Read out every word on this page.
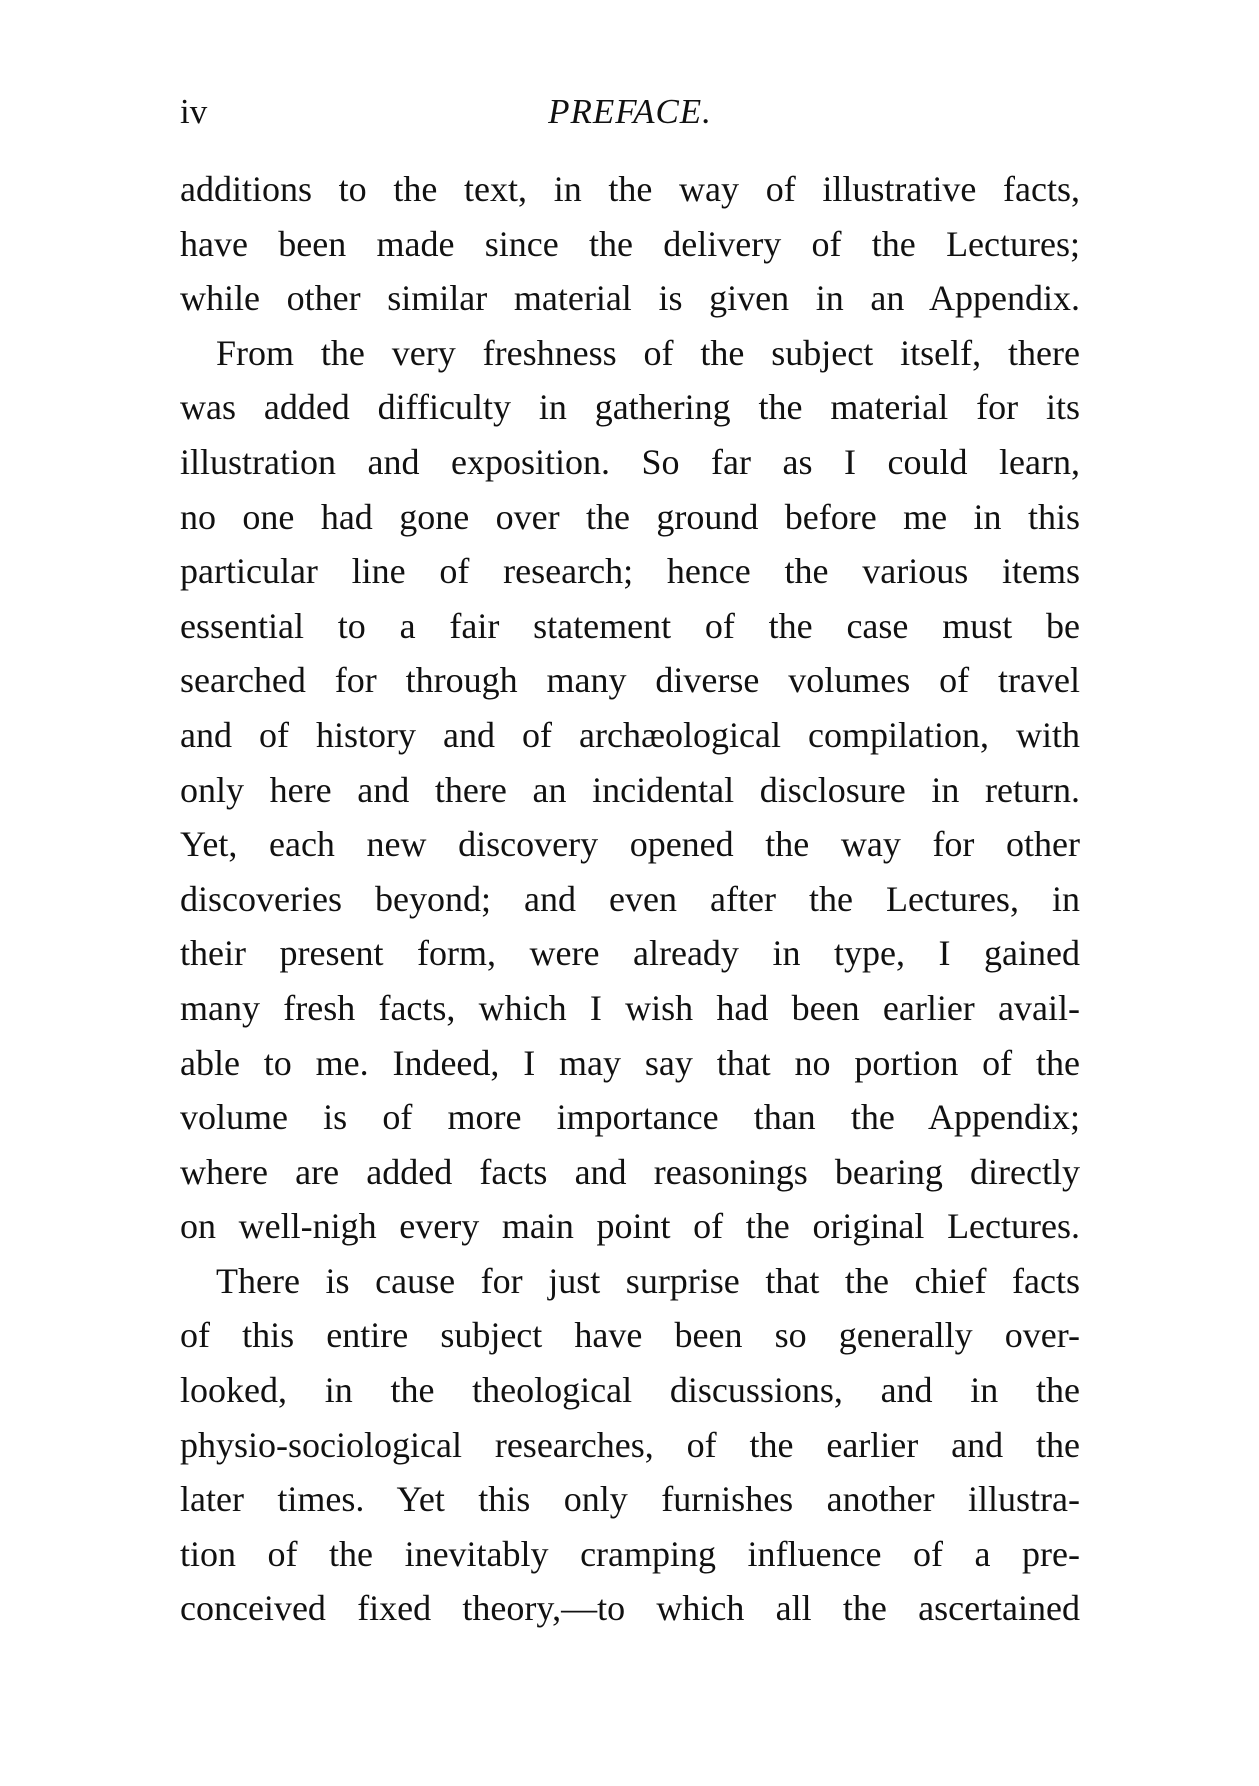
iv	PREFACE.
additions to the text, in the way of illustrative facts,
have been made since the delivery of the Lectures;
while other similar material is given in an Appendix.
From the very freshness of the subject itself, there
was added difficulty in gathering the material for its
illustration and exposition. So far as I could learn,
no one had gone over the ground before me in this
particular line of research; hence the various items
essential to a fair statement of the case must be
searched for through many diverse volumes of travel
and of history and of archæological compilation, with
only here and there an incidental disclosure in return.
Yet, each new discovery opened the way for other
discoveries beyond; and even after the Lectures, in
their present form, were already in type, I gained
many fresh facts, which I wish had been earlier avail-
able to me. Indeed, I may say that no portion of the
volume is of more importance than the Appendix;
where are added facts and reasonings bearing directly
on well-nigh every main point of the original Lectures.
There is cause for just surprise that the chief facts
of this entire subject have been so generally over-
looked, in the theological discussions, and in the
physio-sociological researches, of the earlier and the
later times. Yet this only furnishes another illustra-
tion of the inevitably cramping influence of a pre-
conceived fixed theory,—to which all the ascertained
